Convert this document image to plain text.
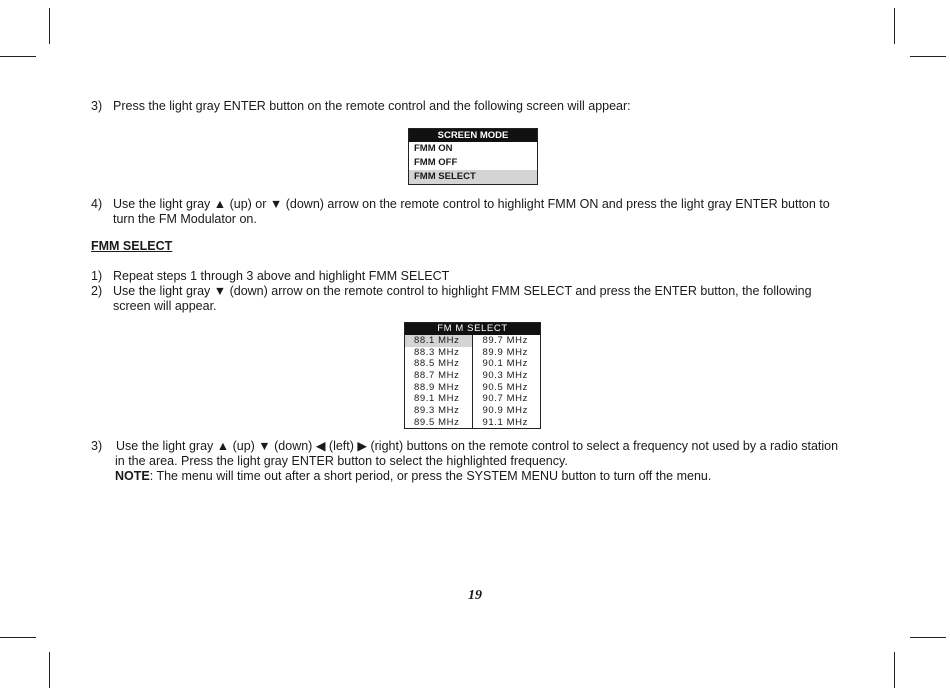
3) Press the light gray ENTER button on the remote control and the following screen will appear:
SCREEN MODE
FMM ON
FMM OFF
FMM SELECT
4) Use the light gray ▲ (up) or ▼ (down) arrow on the remote control to highlight FMM ON and press the light gray ENTER button to
turn the FM Modulator on.
FMM SELECT
1) Repeat steps 1 through 3 above and highlight FMM SELECT
2) Use the light gray ▼ (down) arrow on the remote control to highlight FMM SELECT and press the ENTER button, the following
screen will appear.
FM M SELECT
88.1 MHz
88.3 MHz
88.5 MHz
88.7 MHz
88.9 MHz
89.1 MHz
89.3 MHz
89.5 MHz
89.7 MHz
89.9 MHz
90.1 MHz
90.3 MHz
90.5 MHz
90.7 MHz
90.9 MHz
91.1 MHz
3) Use the light gray ▲ (up) ▼ (down) ◀ (left) ▶ (right) buttons on the remote control to select a frequency not used by a radio station
in the area. Press the light gray ENTER button to select the highlighted frequency.
NOTE: The menu will time out after a short period, or press the SYSTEM MENU button to turn off the menu.
19
